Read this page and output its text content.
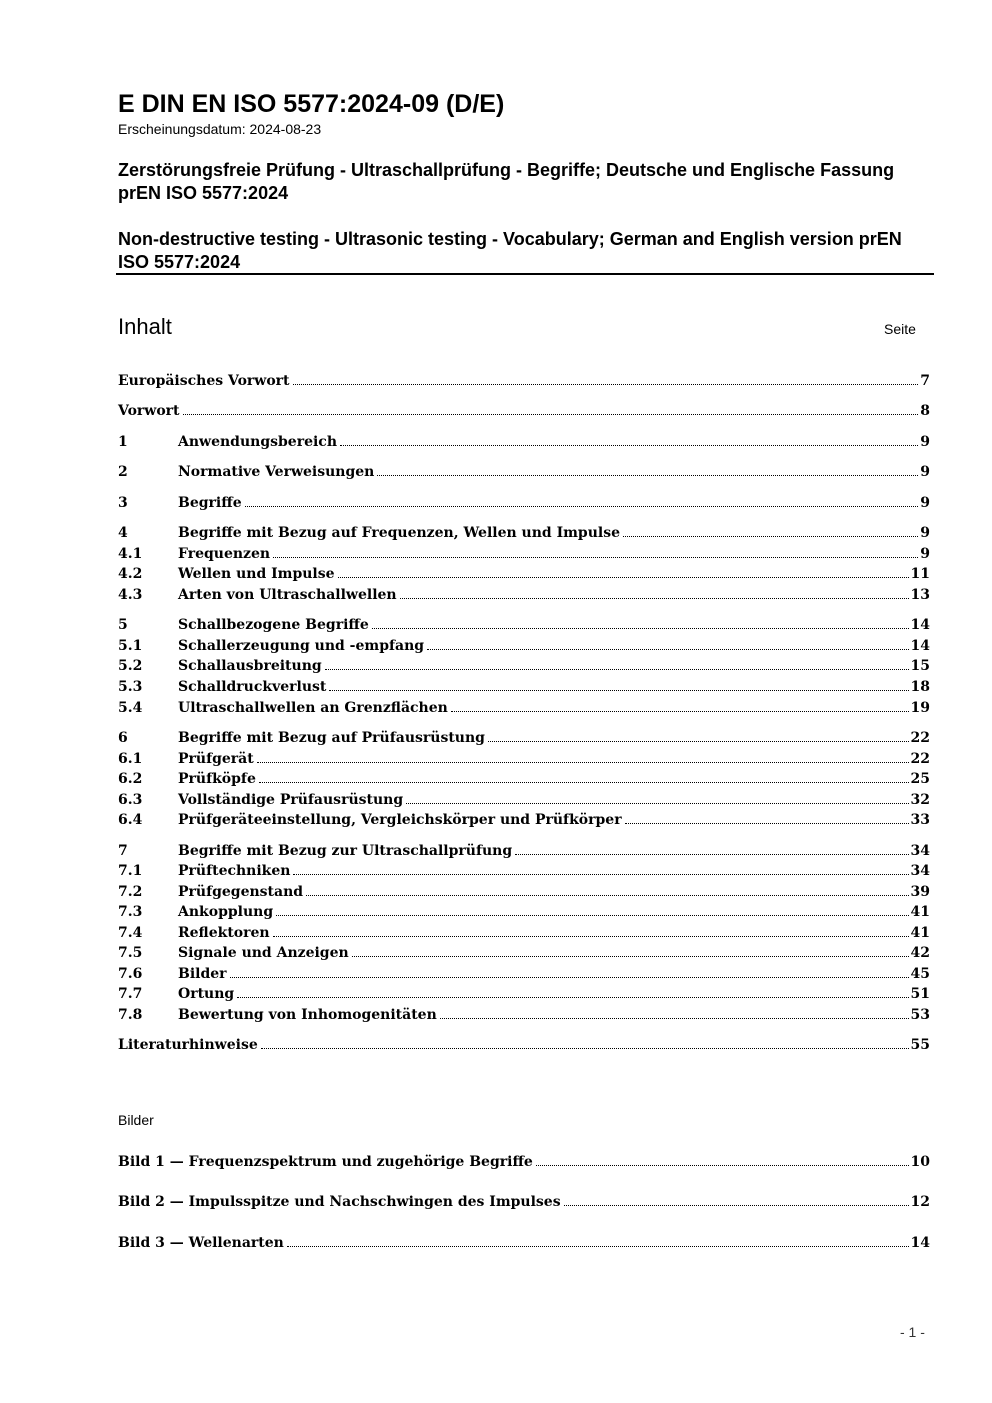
E DIN EN ISO 5577:2024-09 (D/E)
Erscheinungsdatum: 2024-08-23
Zerstörungsfreie Prüfung - Ultraschallprüfung - Begriffe; Deutsche und Englische Fassung prEN ISO 5577:2024
Non-destructive testing - Ultrasonic testing - Vocabulary; German and English version prEN ISO 5577:2024
Inhalt	Seite
Europäisches Vorwort	7
Vorwort	8
1	Anwendungsbereich	9
2	Normative Verweisungen	9
3	Begriffe	9
4	Begriffe mit Bezug auf Frequenzen, Wellen und Impulse	9
4.1	Frequenzen	9
4.2	Wellen und Impulse	11
4.3	Arten von Ultraschallwellen	13
5	Schallbezogene Begriffe	14
5.1	Schallerzeugung und -empfang	14
5.2	Schallausbreitung	15
5.3	Schalldruckverlust	18
5.4	Ultraschallwellen an Grenzflächen	19
6	Begriffe mit Bezug auf Prüfausrüstung	22
6.1	Prüfgerät	22
6.2	Prüfköpfe	25
6.3	Vollständige Prüfausrüstung	32
6.4	Prüfgeräteeinstellung, Vergleichskörper und Prüfkörper	33
7	Begriffe mit Bezug zur Ultraschallprüfung	34
7.1	Prüftechniken	34
7.2	Prüfgegenstand	39
7.3	Ankopplung	41
7.4	Reflektoren	41
7.5	Signale und Anzeigen	42
7.6	Bilder	45
7.7	Ortung	51
7.8	Bewertung von Inhomogenitäten	53
Literaturhinweise	55
Bilder
Bild 1 — Frequenzspektrum und zugehörige Begriffe	10
Bild 2 — Impulsspitze und Nachschwingen des Impulses	12
Bild 3 — Wellenarten	14
- 1 -
